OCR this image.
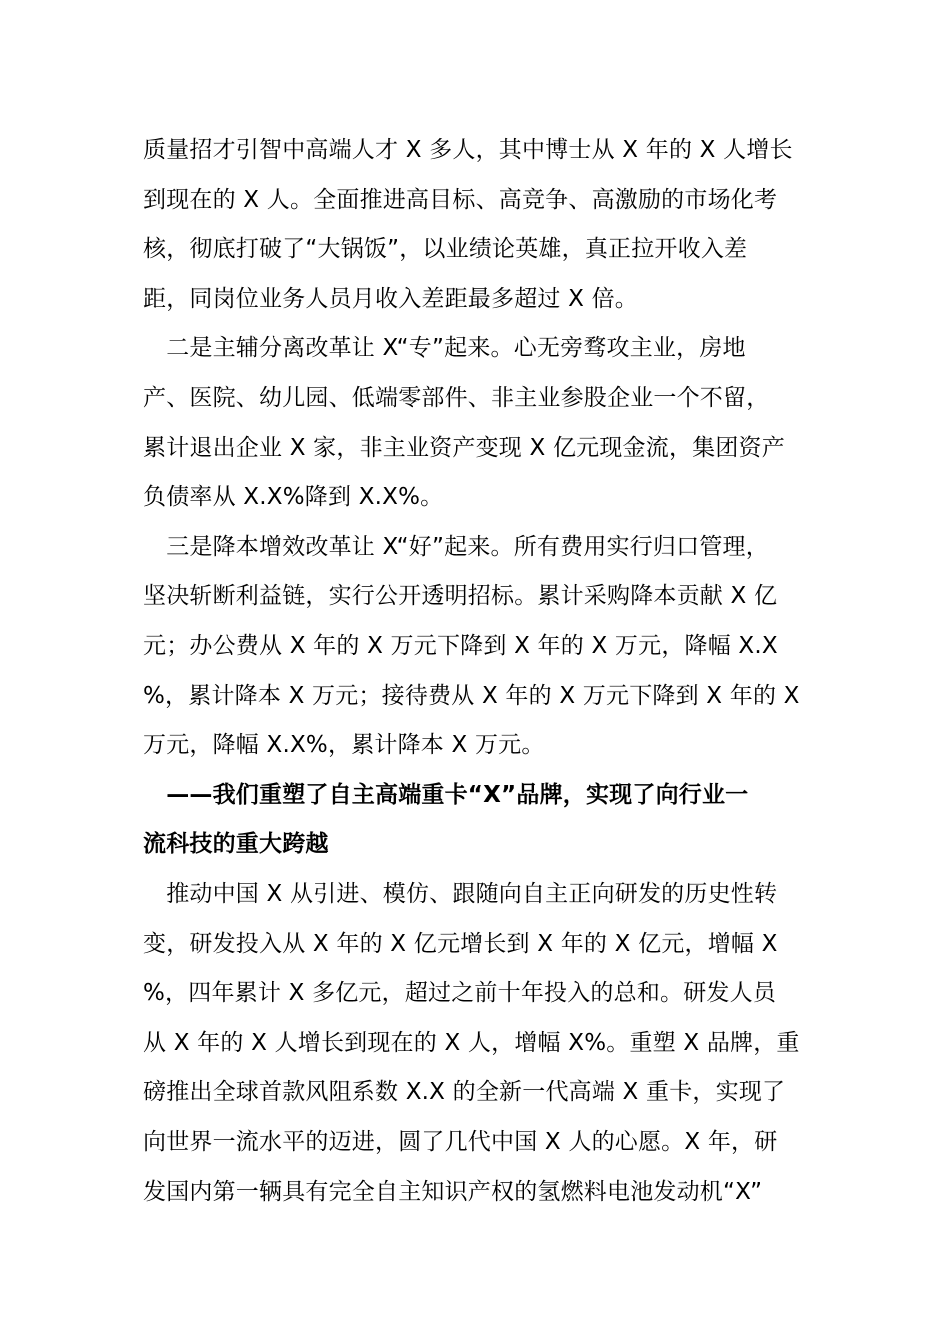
质量招才引智中高端人才 X 多人，其中博士从 X 年的 X 人增长
到现在的 X 人。全面推进高目标、高竞争、高激励的市场化考
核，彻底打破了“大锅饭”，以业绩论英雄，真正拉开收入差
距，同岗位业务人员月收入差距最多超过 X 倍。
　二是主辅分离改革让 X“专”起来。心无旁骛攻主业，房地
产、医院、幼儿园、低端零部件、非主业参股企业一个不留，
累计退出企业 X 家，非主业资产变现 X 亿元现金流，集团资产
负债率从 X.X%降到 X.X%。
　三是降本增效改革让 X“好”起来。所有费用实行归口管理，
坚决斩断利益链，实行公开透明招标。累计采购降本贡献 X 亿
元；办公费从 X 年的 X 万元下降到 X 年的 X 万元，降幅 X.X
%，累计降本 X 万元；接待费从 X 年的 X 万元下降到 X 年的 X
万元，降幅 X.X%，累计降本 X 万元。
　——我们重塑了自主高端重卡“X”品牌，实现了向行业一
流科技的重大跨越
　推动中国 X 从引进、模仿、跟随向自主正向研发的历史性转
变，研发投入从 X 年的 X 亿元增长到 X 年的 X 亿元，增幅 X
%，四年累计 X 多亿元，超过之前十年投入的总和。研发人员
从 X 年的 X 人增长到现在的 X 人，增幅 X%。重塑 X 品牌，重
磅推出全球首款风阻系数 X.X 的全新一代高端 X 重卡，实现了
向世界一流水平的迈进，圆了几代中国 X 人的心愿。X 年，研
发国内第一辆具有完全自主知识产权的氢燃料电池发动机“X”
